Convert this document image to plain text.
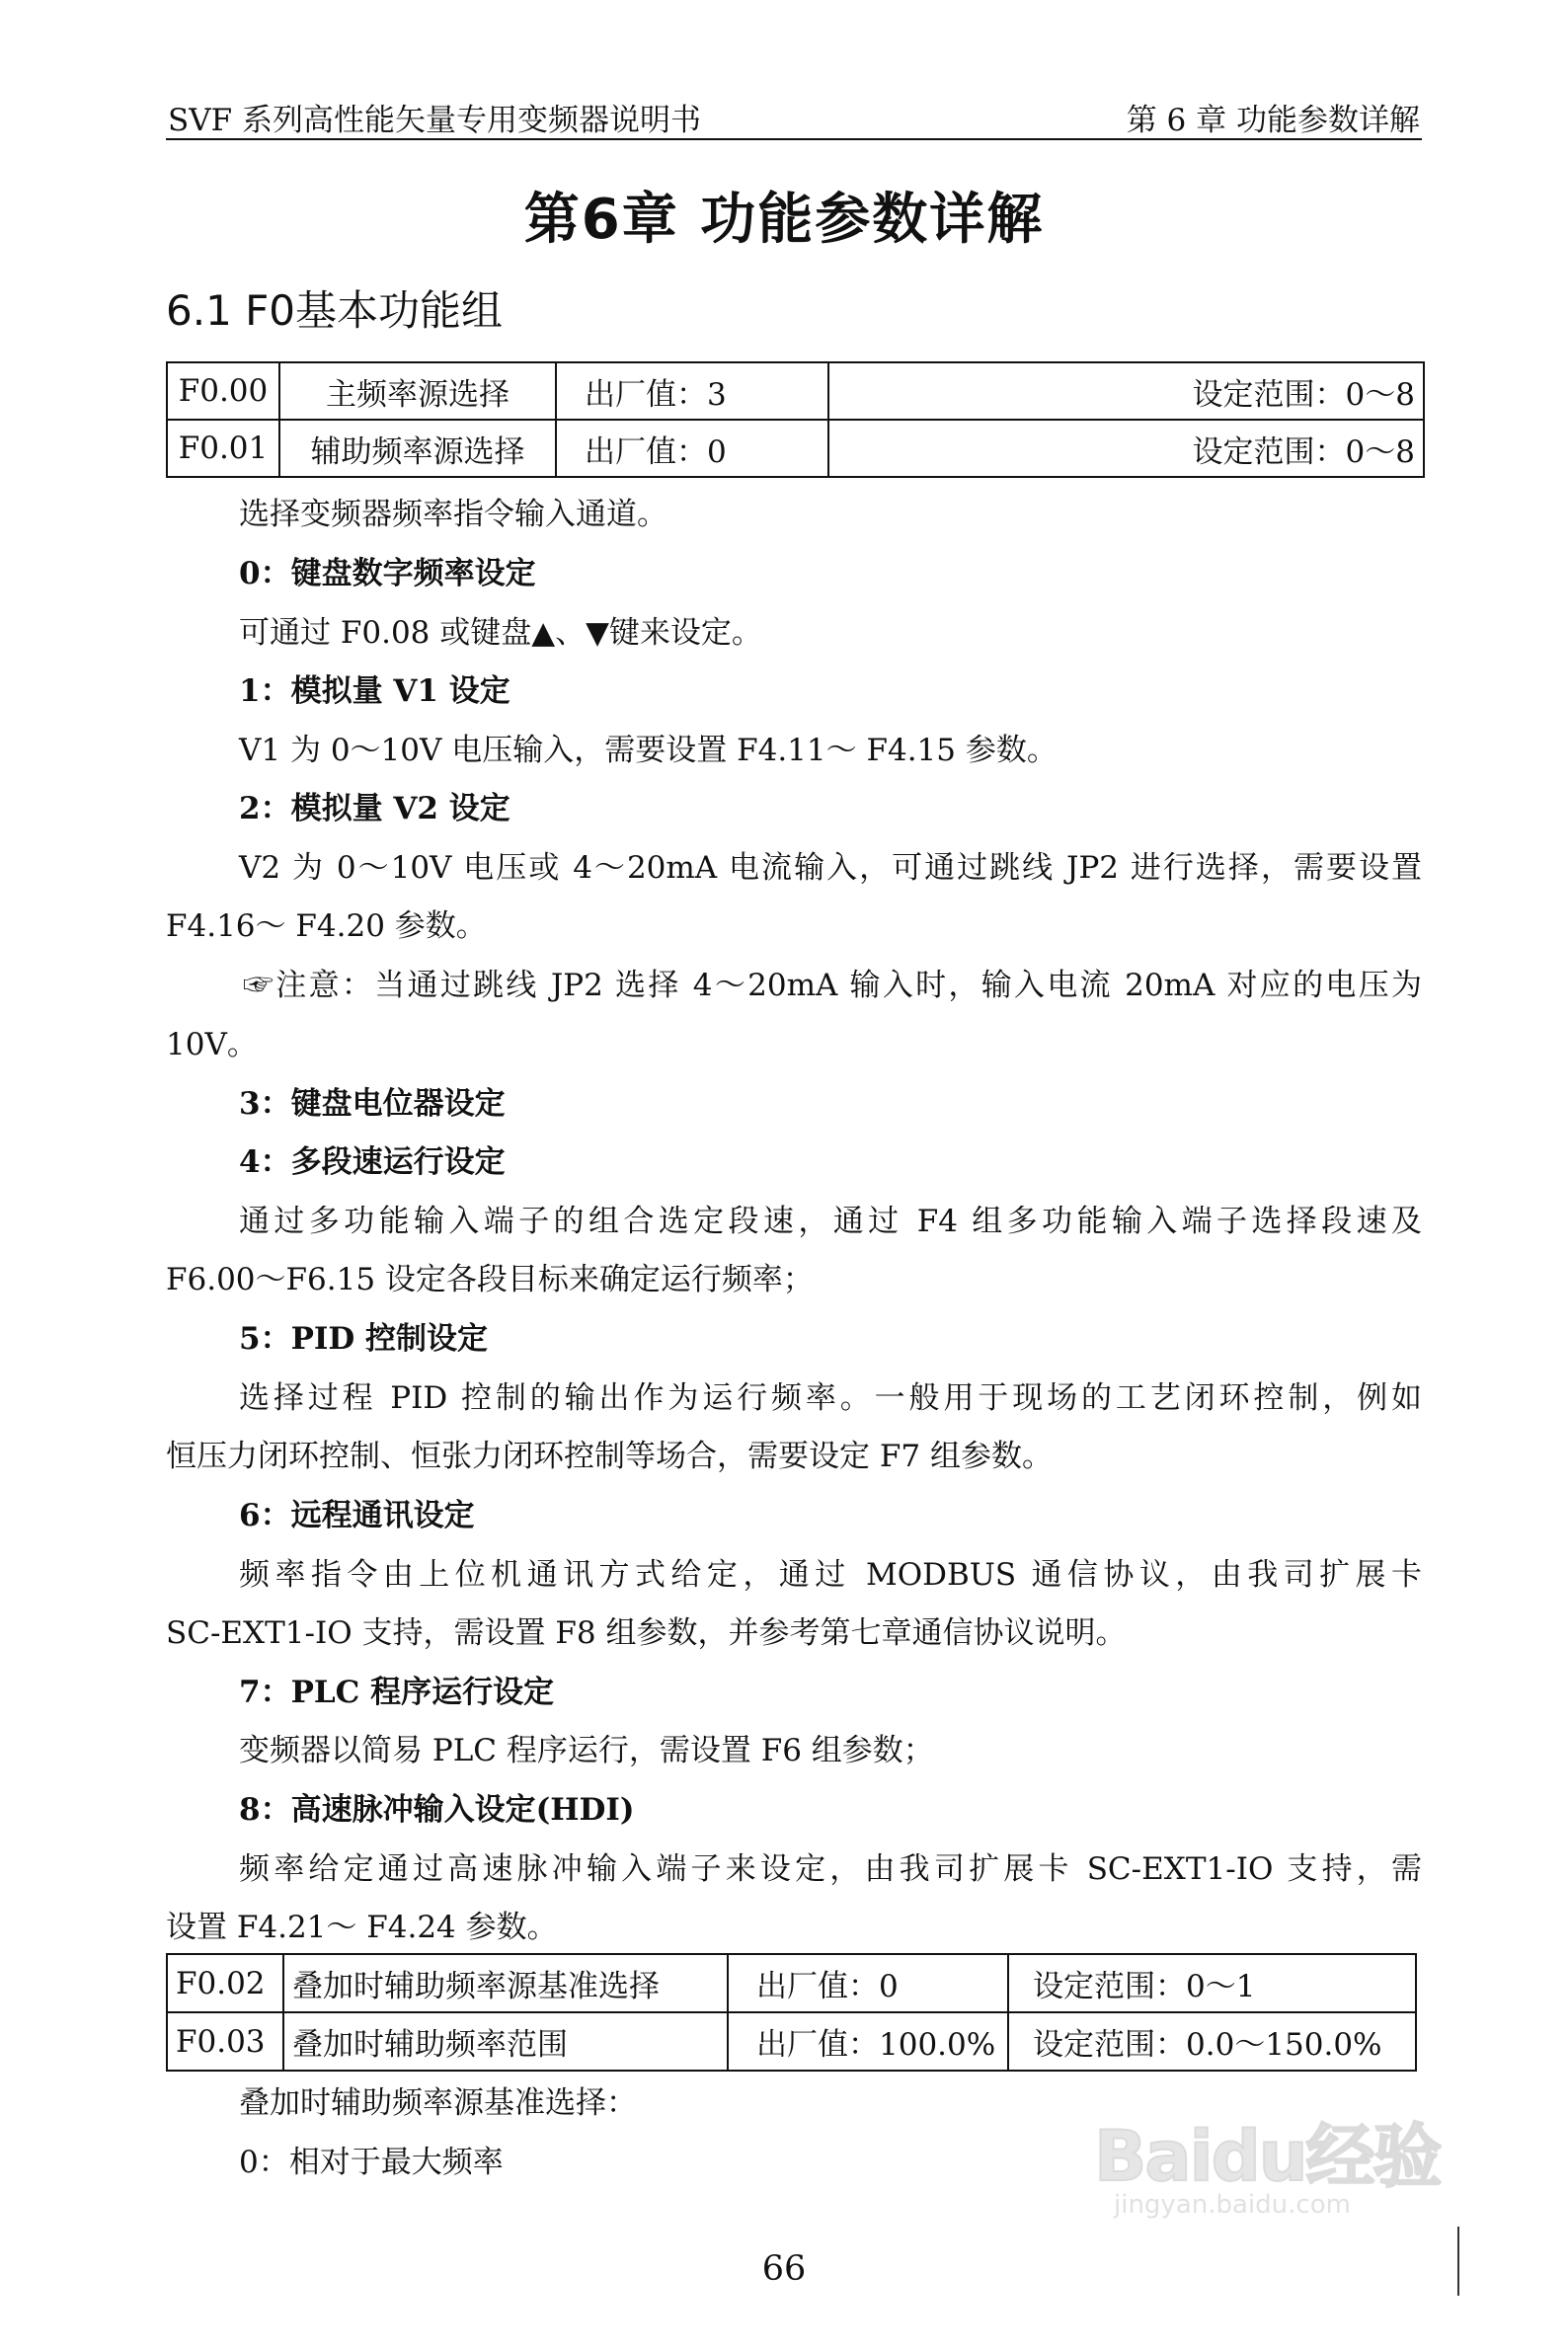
SVF 系列高性能矢量专用变频器说明书	第 6 章 功能参数详解
第6章 功能参数详解
6.1 F0基本功能组
F0.00	主频率源选择	出厂值：3	设定范围：0～8
F0.01	辅助频率源选择	出厂值：0	设定范围：0～8

选择变频器频率指令输入通道。

0：键盘数字频率设定

可通过 F0.08 或键盘▲、▼键来设定。

1：模拟量 V1 设定

V1 为 0～10V 电压输入，需要设置 F4.11～ F4.15 参数。

2：模拟量 V2 设定

V2 为 0～10V 电压或 4～20mA 电流输入，可通过跳线 JP2 进行选择，需要设置

F4.16～ F4.20 参数。

☞注意：当通过跳线 JP2 选择 4～20mA 输入时，输入电流 20mA 对应的电压为

10V。

3：键盘电位器设定

4：多段速运行设定

通过多功能输入端子的组合选定段速，通过 F4 组多功能输入端子选择段速及

F6.00～F6.15 设定各段目标来确定运行频率；

5：PID 控制设定

选择过程 PID 控制的输出作为运行频率。一般用于现场的工艺闭环控制，例如

恒压力闭环控制、恒张力闭环控制等场合，需要设定 F7 组参数。

6：远程通讯设定

频率指令由上位机通讯方式给定，通过 MODBUS 通信协议，由我司扩展卡

SC-EXT1-IO 支持，需设置 F8 组参数，并参考第七章通信协议说明。

7：PLC 程序运行设定

变频器以简易 PLC 程序运行，需设置 F6 组参数；

8：高速脉冲输入设定(HDI)

频率给定通过高速脉冲输入端子来设定，由我司扩展卡 SC-EXT1-IO 支持，需

设置 F4.21～ F4.24 参数。

F0.02	叠加时辅助频率源基准选择	出厂值：0	设定范围：0～1
F0.03	叠加时辅助频率范围	出厂值：100.0%	设定范围：0.0～150.0%

叠加时辅助频率源基准选择：

0：相对于最大频率	Baidu经验
jingyan.baidu.com
66
